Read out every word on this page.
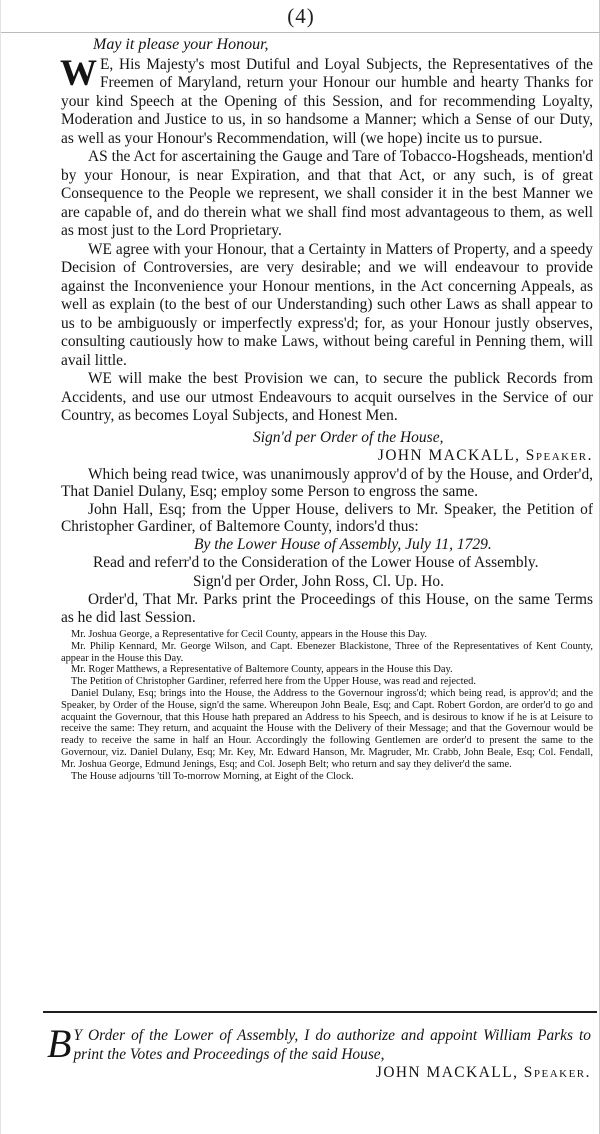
(4)

May it please your Honour,

W E, His Majesty's most Dutiful and Loyal Subjects, the Representatives of the Freemen of Maryland, return your Honour our humble and hearty Thanks for your kind Speech at the Opening of this Session, and for recommending Loyalty, Moderation and Justice to us, in so handsome a Manner; which a Sense of our Duty, as well as your Honour's Recommendation, will (we hope) incite us to pursue.

AS the Act for ascertaining the Gauge and Tare of Tobacco-Hogsheads, mention'd by your Honour, is near Expiration, and that that Act, or any such, is of great Consequence to the People we represent, we shall consider it in the best Manner we are capable of, and do therein what we shall find most advantageous to them, as well as most just to the Lord Proprietary.

WE agree with your Honour, that a Certainty in Matters of Property, and a speedy Decision of Controversies, are very desirable; and we will endeavour to provide against the Inconvenience your Honour mentions, in the Act concerning Appeals, as well as explain (to the best of our Understanding) such other Laws as shall appear to us to be ambiguously or imperfectly express'd; for, as your Honour justly observes, consulting cautiously how to make Laws, without being careful in Penning them, will avail little.

WE will make the best Provision we can, to secure the publick Records from Accidents, and use our utmost Endeavours to acquit ourselves in the Service of our Country, as becomes Loyal Subjects, and Honest Men.

Sign'd per Order of the House,

JOHN MACKALL, Speaker.

Which being read twice, was unanimously approv'd of by the House, and Order'd, That Daniel Dulany, Esq; employ some Person to engross the same.

John Hall, Esq; from the Upper House, delivers to Mr. Speaker, the Petition of Christopher Gardiner, of Baltemore County, indors'd thus:

By the Lower House of Assembly, July 11, 1729.

Read and referr'd to the Consideration of the Lower House of Assembly.

Sign'd per Order, John Ross, Cl. Up. Ho.

Order'd, That Mr. Parks print the Proceedings of this House, on the same Terms as he did last Session.

Mr. Joshua George, a Representative for Cecil County, appears in the House this Day.

Mr. Philip Kennard, Mr. George Wilson, and Capt. Ebenezer Blackistone, Three of the Representatives of Kent County, appear in the House this Day.

Mr. Roger Matthews, a Representative of Baltemore County, appears in the House this Day.

The Petition of Christopher Gardiner, referred here from the Upper House, was read and rejected.

Daniel Dulany, Esq; brings into the House, the Address to the Governour ingross'd; which being read, is approv'd; and the Speaker, by Order of the House, sign'd the same. Whereupon John Beale, Esq; and Capt. Robert Gordon, are order'd to go and acquaint the Governour, that this House hath prepared an Address to his Speech, and is desirous to know if he is at Leisure to receive the same: They return, and acquaint the House with the Delivery of their Message; and that the Governour would be ready to receive the same in half an Hour. Accordingly the following Gentlemen are order'd to present the same to the Governour, viz. Daniel Dulany, Esq; Mr. Key, Mr. Edward Hanson, Mr. Magruder, Mr. Crabb, John Beale, Esq; Col. Fendall, Mr. Joshua George, Edmund Jenings, Esq; and Col. Joseph Belt; who return and say they deliver'd the same.

The House adjourns 'till To-morrow Morning, at Eight of the Clock.

B Y Order of the Lower of Assembly, I do authorize and appoint William Parks to print the Votes and Proceedings of the said House,

JOHN MACKALL, Speaker.
